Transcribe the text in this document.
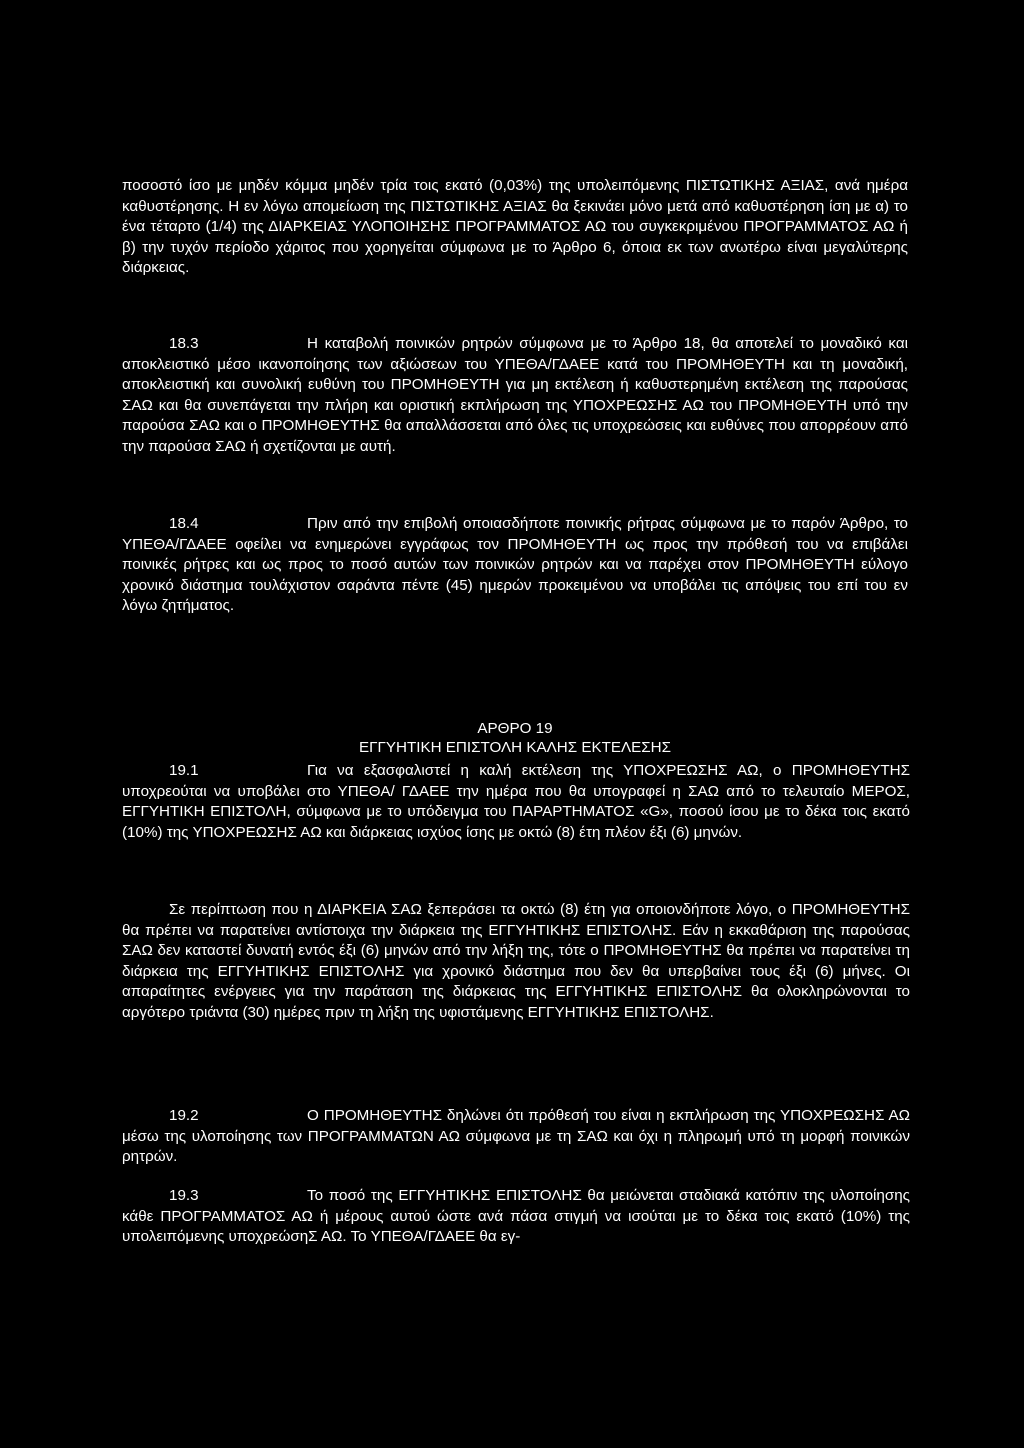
ποσοστό ίσο με μηδέν κόμμα μηδέν τρία τοις εκατό (0,03%) της υπολειπόμενης ΠΙΣΤΩΤΙΚΗΣ ΑΞΙΑΣ, ανά ημέρα καθυστέρησης. Η εν λόγω απομείωση της ΠΙΣΤΩΤΙΚΗΣ ΑΞΙΑΣ θα ξεκινάει μόνο μετά από καθυστέρηση ίση με α) το ένα τέταρτο (1/4) της ΔΙΑΡΚΕΙΑΣ ΥΛΟΠΟΙΗΣΗΣ ΠΡΟΓΡΑΜΜΑΤΟΣ ΑΩ του συγκεκριμένου ΠΡΟΓΡΑΜΜΑΤΟΣ ΑΩ ή β) την τυχόν περίοδο χάριτος που χορηγείται σύμφωνα με το Άρθρο 6, όποια εκ των ανωτέρω είναι μεγαλύτερης διάρκειας.
18.3	Η καταβολή ποινικών ρητρών σύμφωνα με το Άρθρο 18, θα αποτελεί το μοναδικό και αποκλειστικό μέσο ικανοποίησης των αξιώσεων του ΥΠΕΘΑ/ΓΔΑΕΕ κατά του ΠΡΟΜΗΘΕΥΤΗ και τη μοναδική, αποκλειστική και συνολική ευθύνη του ΠΡΟΜΗΘΕΥΤΗ για μη εκτέλεση ή καθυστερημένη εκτέλεση της παρούσας ΣΑΩ και θα συνεπάγεται την πλήρη και οριστική εκπλήρωση της ΥΠΟΧΡΕΩΣΗΣ ΑΩ του ΠΡΟΜΗΘΕΥΤΗ υπό την παρούσα ΣΑΩ και ο ΠΡΟΜΗΘΕΥΤΗΣ θα απαλλάσσεται από όλες τις υποχρεώσεις και ευθύνες που απορρέουν από την παρούσα ΣΑΩ ή σχετίζονται με αυτή.
18.4	Πριν από την επιβολή οποιασδήποτε ποινικής ρήτρας σύμφωνα με το παρόν Άρθρο, το ΥΠΕΘΑ/ΓΔΑΕΕ οφείλει να ενημερώνει εγγράφως τον ΠΡΟΜΗΘΕΥΤΗ ως προς την πρόθεσή του να επιβάλει ποινικές ρήτρες και ως προς το ποσό αυτών των ποινικών ρητρών και να παρέχει στον ΠΡΟΜΗΘΕΥΤΗ εύλογο χρονικό διάστημα τουλάχιστον σαράντα πέντε (45) ημερών προκειμένου να υποβάλει τις απόψεις του επί του εν λόγω ζητήματος.
ΑΡΘΡΟ 19
ΕΓΓΥΗΤΙΚΗ ΕΠΙΣΤΟΛΗ ΚΑΛΗΣ ΕΚΤΕΛΕΣΗΣ
19.1	Για να εξασφαλιστεί η καλή εκτέλεση της ΥΠΟΧΡΕΩΣΗΣ ΑΩ, ο ΠΡΟΜΗΘΕΥΤΗΣ υποχρεούται να υποβάλει στο ΥΠΕΘΑ/ ΓΔΑΕΕ την ημέρα που θα υπογραφεί η ΣΑΩ από το τελευταίο ΜΕΡΟΣ, ΕΓΓΥΗΤΙΚΗ ΕΠΙΣΤΟΛΗ, σύμφωνα με το υπόδειγμα του ΠΑΡΑΡΤΗΜΑΤΟΣ «G», ποσού ίσου με το δέκα τοις εκατό (10%) της ΥΠΟΧΡΕΩΣΗΣ ΑΩ και διάρκειας ισχύος ίσης με οκτώ (8) έτη πλέον έξι (6) μηνών.
Σε περίπτωση που η ΔΙΑΡΚΕΙΑ ΣΑΩ ξεπεράσει τα οκτώ (8) έτη για οποιονδήποτε λόγο, ο ΠΡΟΜΗΘΕΥΤΗΣ θα πρέπει να παρατείνει αντίστοιχα την διάρκεια της ΕΓΓΥΗΤΙΚΗΣ ΕΠΙΣΤΟΛΗΣ. Εάν η εκκαθάριση της παρούσας ΣΑΩ δεν καταστεί δυνατή εντός έξι (6) μηνών από την λήξη της, τότε ο ΠΡΟΜΗΘΕΥΤΗΣ θα πρέπει να παρατείνει τη διάρκεια της ΕΓΓΥΗΤΙΚΗΣ ΕΠΙΣΤΟΛΗΣ για χρονικό διάστημα που δεν θα υπερβαίνει τους έξι (6) μήνες. Οι απαραίτητες ενέργειες για την παράταση της διάρκειας της ΕΓΓΥΗΤΙΚΗΣ ΕΠΙΣΤΟΛΗΣ θα ολοκληρώνονται το αργότερο τριάντα (30) ημέρες πριν τη λήξη της υφιστάμενης ΕΓΓΥΗΤΙΚΗΣ ΕΠΙΣΤΟΛΗΣ.
19.2	Ο ΠΡΟΜΗΘΕΥΤΗΣ δηλώνει ότι πρόθεσή του είναι η εκπλήρωση της ΥΠΟΧΡΕΩΣΗΣ ΑΩ μέσω της υλοποίησης των ΠΡΟΓΡΑΜΜΑΤΩΝ ΑΩ σύμφωνα με τη ΣΑΩ και όχι η πληρωμή υπό τη μορφή ποινικών ρητρών.
19.3	Το ποσό της ΕΓΓΥΗΤΙΚΗΣ ΕΠΙΣΤΟΛΗΣ θα μειώνεται σταδιακά κατόπιν της υλοποίησης κάθε ΠΡΟΓΡΑΜΜΑΤΟΣ ΑΩ ή μέρους αυτού ώστε ανά πάσα στιγμή να ισούται με το δέκα τοις εκατό (10%) της υπολειπόμενης υποχρεώσηΣ ΑΩ. Το ΥΠΕΘΑ/ΓΔΑΕΕ θα εγ-
